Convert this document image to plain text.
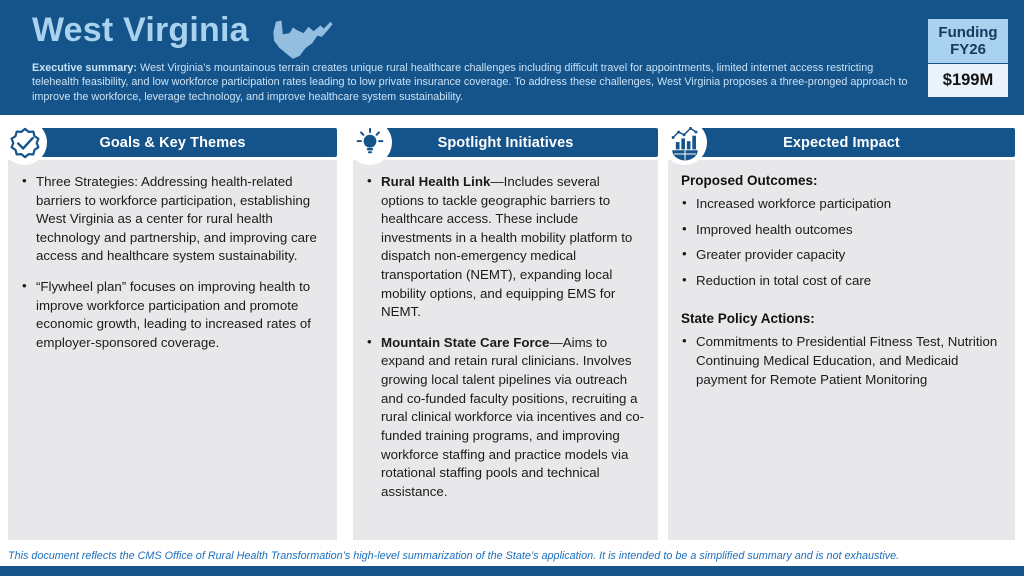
West Virginia
Executive summary: West Virginia’s mountainous terrain creates unique rural healthcare challenges including difficult travel for appointments, limited internet access restricting telehealth feasibility, and low workforce participation rates leading to low private insurance coverage. To address these challenges, West Virginia proposes a three-pronged approach to improve the workforce, leverage technology, and improve healthcare system sustainability.
Funding
FY26
$199M
Goals & Key Themes
• Three Strategies: Addressing health-related barriers to workforce participation, establishing West Virginia as a center for rural health technology and partnership, and improving care access and healthcare system sustainability.
• “Flywheel plan” focuses on improving health to improve workforce participation and promote economic growth, leading to increased rates of employer-sponsored coverage.
Spotlight Initiatives
• Rural Health Link—Includes several options to tackle geographic barriers to healthcare access. These include investments in a health mobility platform to dispatch non-emergency medical transportation (NEMT), expanding local mobility options, and equipping EMS for NEMT.
• Mountain State Care Force—Aims to expand and retain rural clinicians. Involves growing local talent pipelines via outreach and co-funded faculty positions, recruiting a rural clinical workforce via incentives and co-funded training programs, and improving workforce staffing and practice models via rotational staffing pools and technical assistance.
Expected Impact
Proposed Outcomes:
• Increased workforce participation
• Improved health outcomes
• Greater provider capacity
• Reduction in total cost of care
State Policy Actions:
• Commitments to Presidential Fitness Test, Nutrition Continuing Medical Education, and Medicaid payment for Remote Patient Monitoring
This document reflects the CMS Office of Rural Health Transformation’s high-level summarization of the State’s application. It is intended to be a simplified summary and is not exhaustive.
